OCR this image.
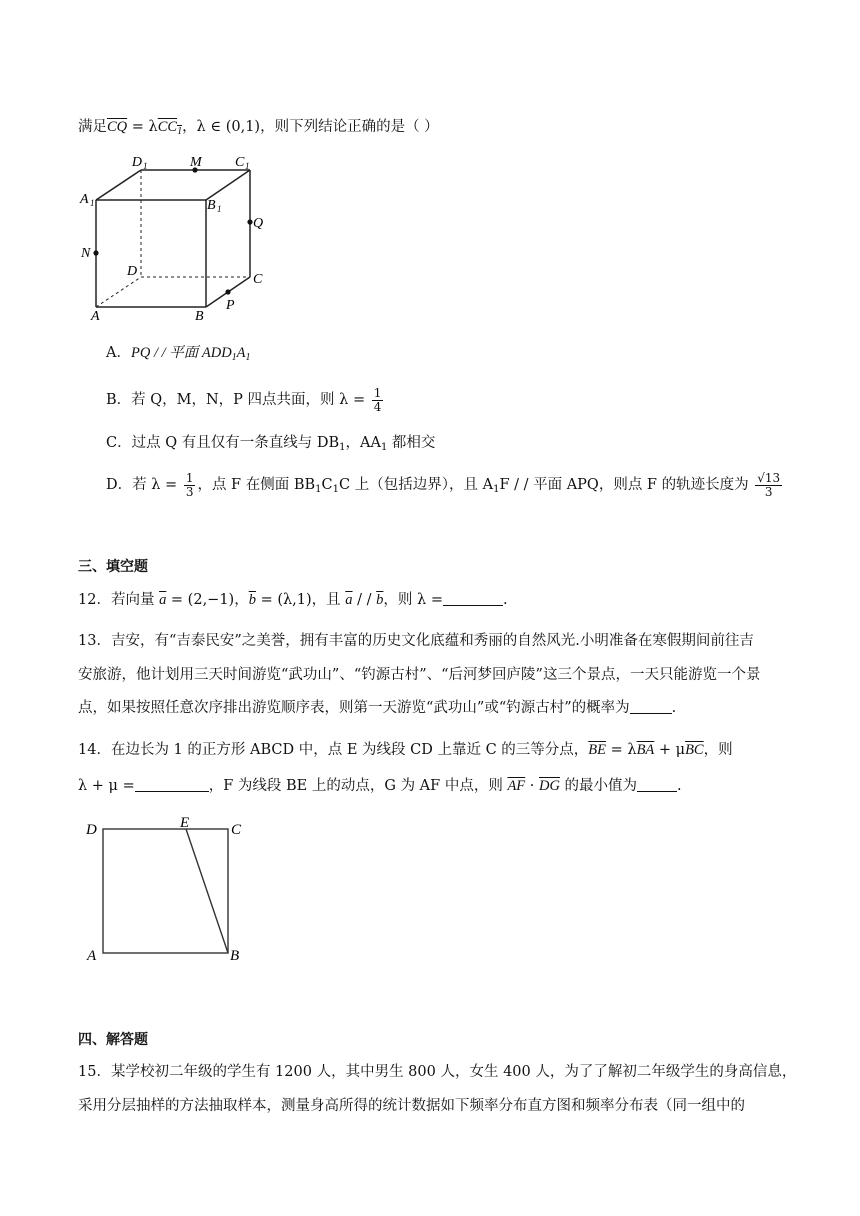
满足$\overline{CQ} = \lambda CC_1$，λ ∈ (0,1)，则下列结论正确的是（ ）
D 1	M C 1
A 1	B 1
Q
N
D
C
A	B
P
A．PQ / / 平面 $ADD_1A_1$
B．若 Q，M，N，P 四点共面，则 $\lambda = \frac{1}{4}$
C．过点 Q 有且仅有一条直线与 $DB_1$，$AA_1$ 都相交
D．若 $\lambda = \frac{1}{3}$ ，点 F 在侧面 $BB_1C_1C$ 上（包括边界），且 $A_1F$ / / 平面 APQ，则点 F 的轨迹长度为 $\frac{√13}{3}$
三、填空题
12．若向量 $\overline{a} = (2,-1)$，$\overline{b} = (\lambda,1)$，且 $\overline{a}$ / / $\overline{b}$，则 λ =	.
13．吉安，有“吉泰民安”之美誉，拥有丰富的历史文化底蕴和秀丽的自然风光.小明准备在寒假期间前往吉
安旅游，他计划用三天时间游览“武功山”、“钓源古村”、“后河梦回庐陵”这三个景点，一天只能游览一个景
点，如果按照任意次序排出游览顺序表，则第一天游览“武功山”或“钓源古村”的概率为	.
14．在边长为 1 的正方形 ABCD 中，点 E 为线段 CD 上靠近 C 的三等分点，$\overline{BE} = \lambda\overline{BA} + \mu\overline{BC}$，则
λ + μ =	，F 为线段 BE 上的动点，G 为 AF 中点，则 $\overline{AF} \cdot \overline{DG}$ 的最小值为	.
D	E	C
A	B
四、解答题
15．某学校初二年级的学生有 1200 人，其中男生 800 人，女生 400 人，为了了解初二年级学生的身高信息，
采用分层抽样的方法抽取样本，测量身高所得的统计数据如下频率分布直方图和频率分布表（同一组中的
